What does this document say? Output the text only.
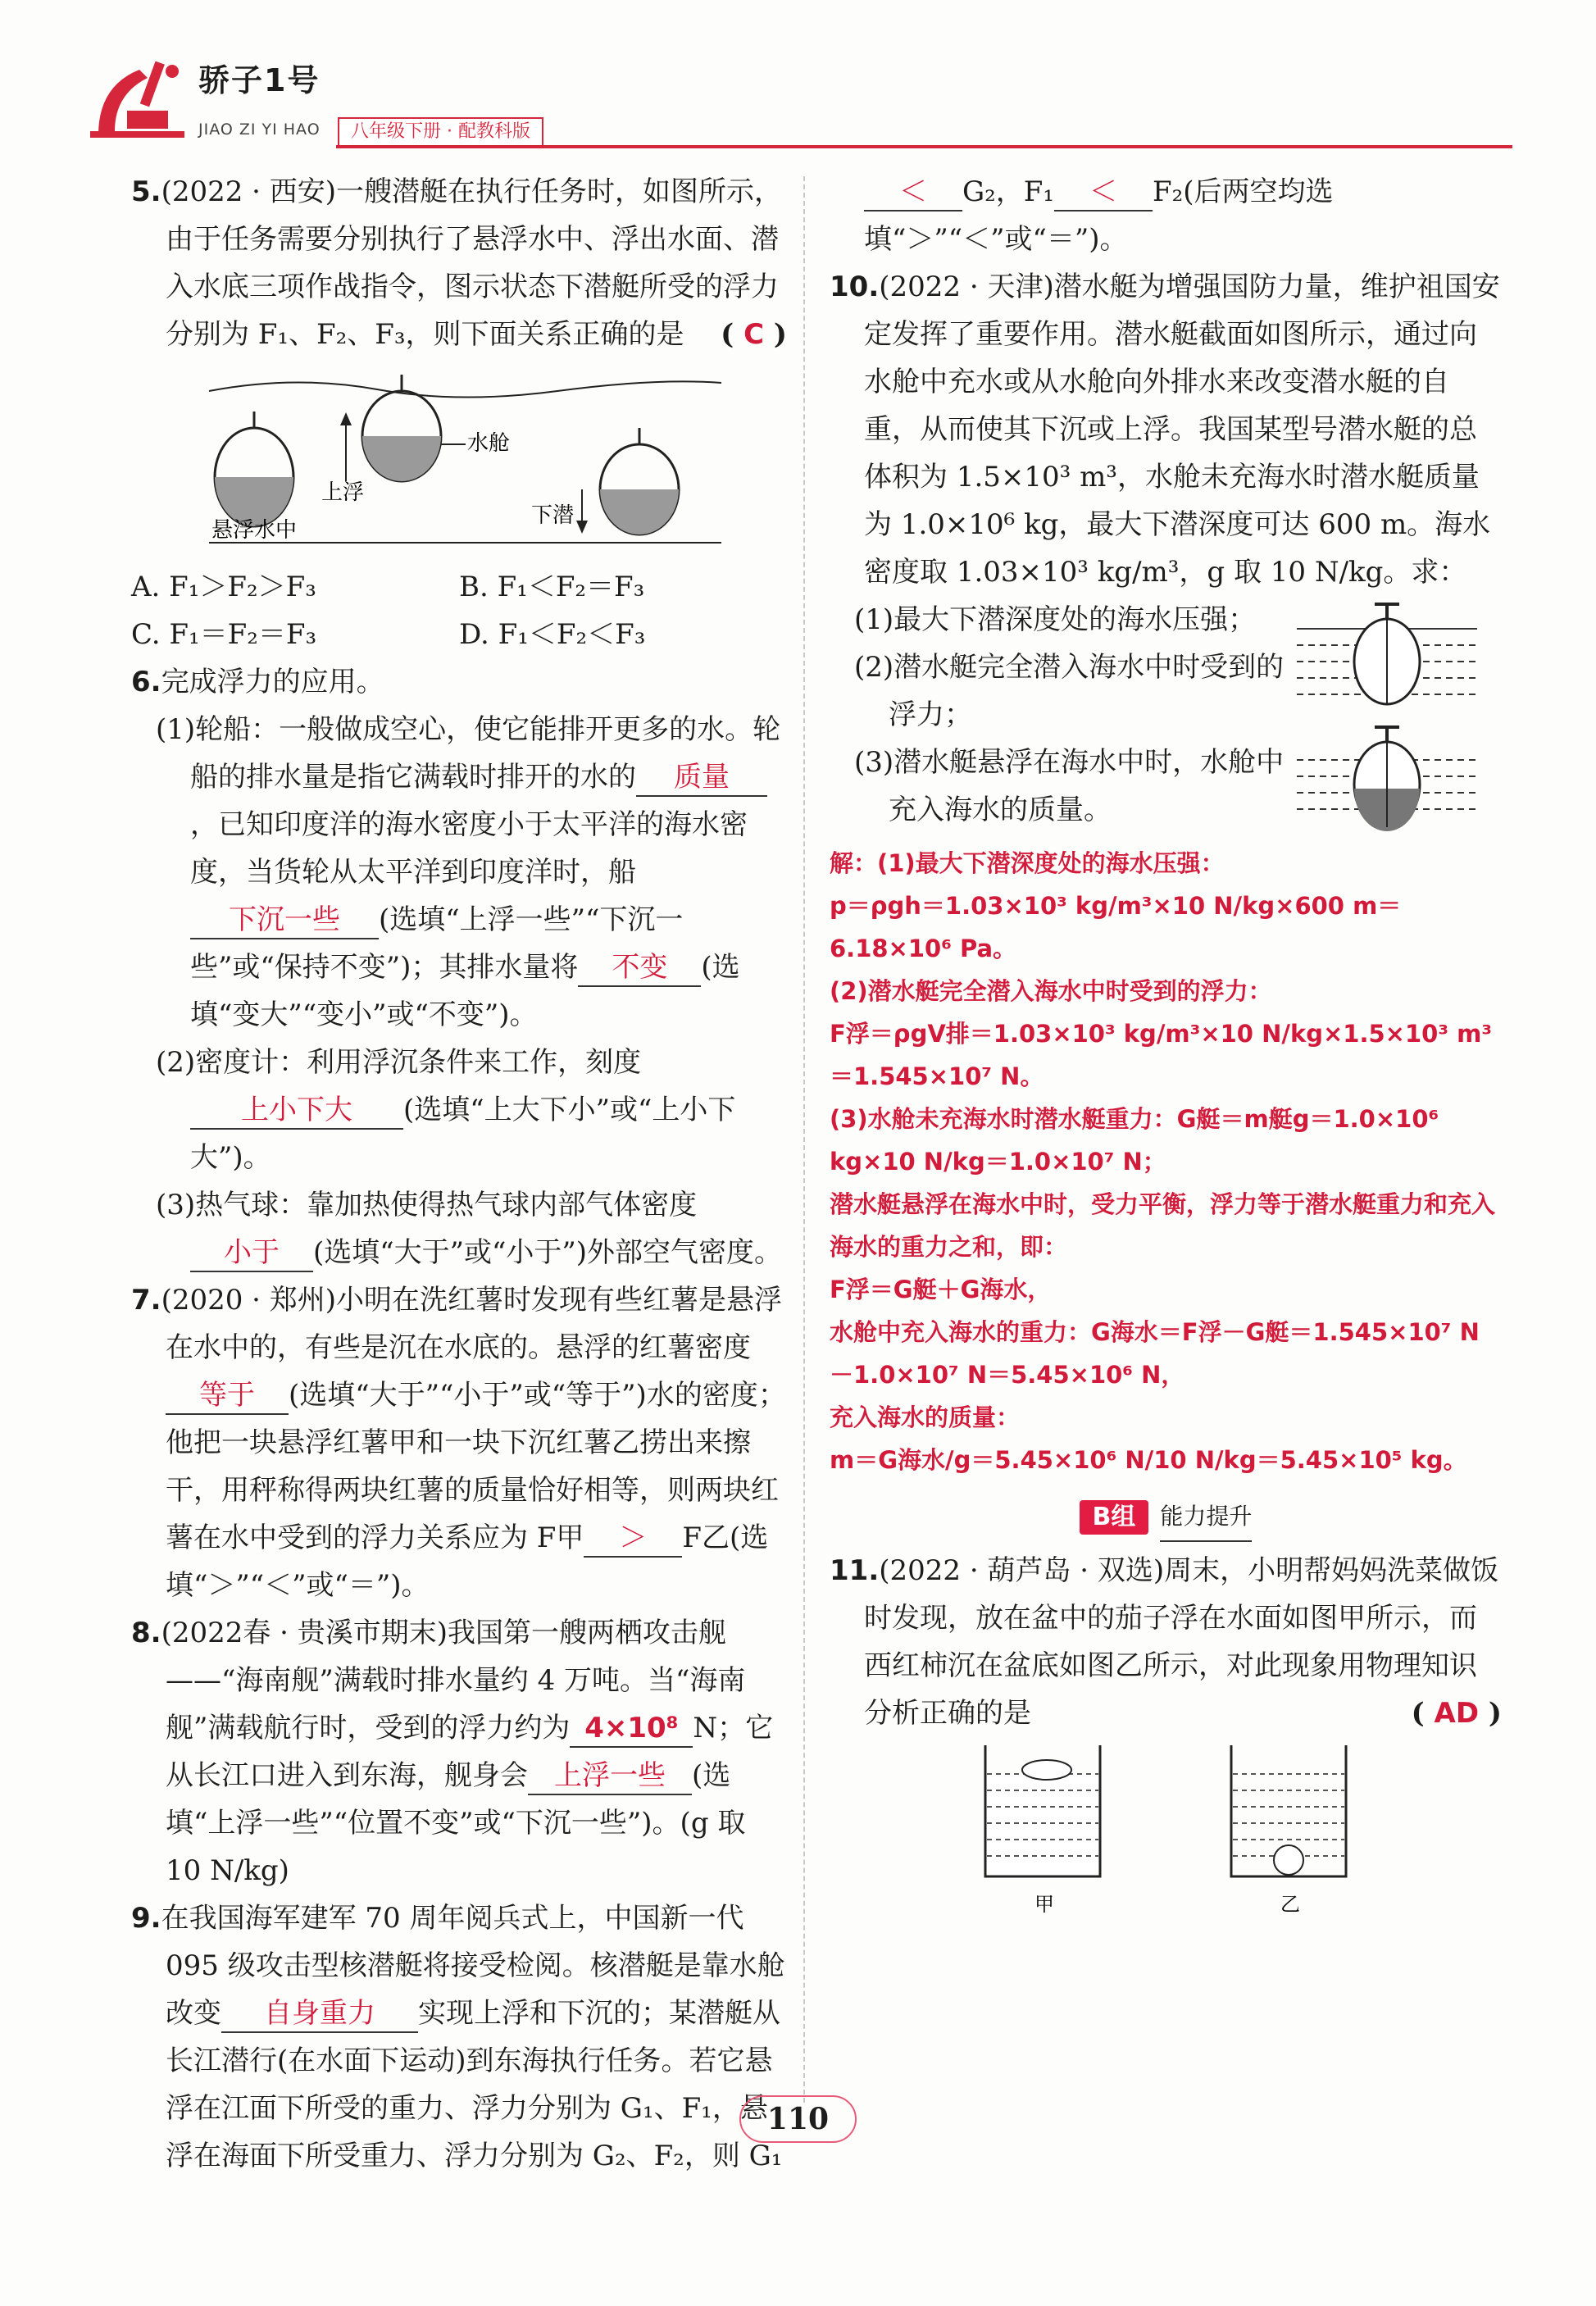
骄子1号
JIAO ZI YI HAO	八年级下册 · 配教科版

5.(2022 · 西安)一艘潜艇在执行任务时，如图所示，由于任务需要分别执行了悬浮水中、浮出水面、潜入水底三项作战指令，图示状态下潜艇所受的浮力分别为 F₁、F₂、F₃，则下面关系正确的是 ( C )

悬浮水中
上浮
水舱
下潜
A. F₁＞F₂＞F₃	B. F₁＜F₂＝F₃
C. F₁＝F₂＝F₃	D. F₁＜F₂＜F₃

6.完成浮力的应用。

(1)轮船：一般做成空心，使它能排开更多的水。轮船的排水量是指它满载时排开的水的 质量，已知印度洋的海水密度小于太平洋的海水密度，当货轮从太平洋到印度洋时，船下沉一些 (选填“上浮一些”“下沉一些”或“保持不变”)；其排水量将 不变 (选填“变大”“变小”或“不变”)。

(2)密度计：利用浮沉条件来工作，刻度上小下大 (选填“上大下小”或“上小下大”)。

(3)热气球：靠加热使得热气球内部气体密度小于 (选填“大于”或“小于”)外部空气密度。

7.(2020 · 郑州)小明在洗红薯时发现有些红薯是悬浮在水中的，有些是沉在水底的。悬浮的红薯密度等于 (选填“大于”“小于”或“等于”)水的密度；他把一块悬浮红薯甲和一块下沉红薯乙捞出来擦干，用秤称得两块红薯的质量恰好相等，则两块红薯在水中受到的浮力关系应为 F甲 ＞ F乙(选填“＞”“＜”或“＝”)。

8.(2022春 · 贵溪市期末)我国第一艘两栖攻击舰——“海南舰”满载时排水量约 4 万吨。当“海南舰”满载航行时，受到的浮力约为 4×10⁸ N；它从长江口进入到东海，舰身会 上浮一些 (选填“上浮一些”“位置不变”或“下沉一些”)。(g 取 10 N/kg)

9.在我国海军建军 70 周年阅兵式上，中国新一代 095 级攻击型核潜艇将接受检阅。核潜艇是靠水舱改变 自身重力 实现上浮和下沉的；某潜艇从长江潜行(在水面下运动)到东海执行任务。若它悬浮在江面下所受的重力、浮力分别为 G₁、F₁，悬浮在海面下所受重力、浮力分别为 G₂、F₂，则 G₁

＜ G₂，F₁ ＜ F₂(后两空均选填“＞”“＜”或“＝”)。

10.(2022 · 天津)潜水艇为增强国防力量，维护祖国安定发挥了重要作用。潜水艇截面如图所示，通过向水舱中充水或从水舱向外排水来改变潜水艇的自重，从而使其下沉或上浮。我国某型号潜水艇的总体积为 1.5×10³ m³，水舱未充海水时潜水艇质量为 1.0×10⁶ kg，最大下潜深度可达 600 m。海水密度取 1.03×10³ kg/m³，g 取 10 N/kg。求：

(1)最大下潜深度处的海水压强；

(2)潜水艇完全潜入海水中时受到的浮力；

(3)潜水艇悬浮在海水中时，水舱中充入海水的质量。

解：(1)最大下潜深度处的海水压强：

p＝ρgh＝1.03×10³ kg/m³×10 N/kg×600 m＝6.18×10⁶ Pa。

(2)潜水艇完全潜入海水中时受到的浮力：

F浮＝ρgV排＝1.03×10³ kg/m³×10 N/kg×1.5×10³ m³＝1.545×10⁷ N。

(3)水舱未充海水时潜水艇重力：G艇＝m艇g＝1.0×10⁶ kg×10 N/kg＝1.0×10⁷ N；

潜水艇悬浮在海水中时，受力平衡，浮力等于潜水艇重力和充入海水的重力之和，即：

F浮＝G艇＋G海水，

水舱中充入海水的重力：G海水＝F浮－G艇＝1.545×10⁷ N－1.0×10⁷ N＝5.45×10⁶ N，

充入海水的质量：

m＝G海水/g＝5.45×10⁶ N/10 N/kg＝5.45×10⁵ kg。

B组	能力提升

11.(2022 · 葫芦岛 · 双选)周末，小明帮妈妈洗菜做饭时发现，放在盆中的茄子浮在水面如图甲所示，而西红柿沉在盆底如图乙所示，对此现象用物理知识分析正确的是	( AD )

甲	乙
110
